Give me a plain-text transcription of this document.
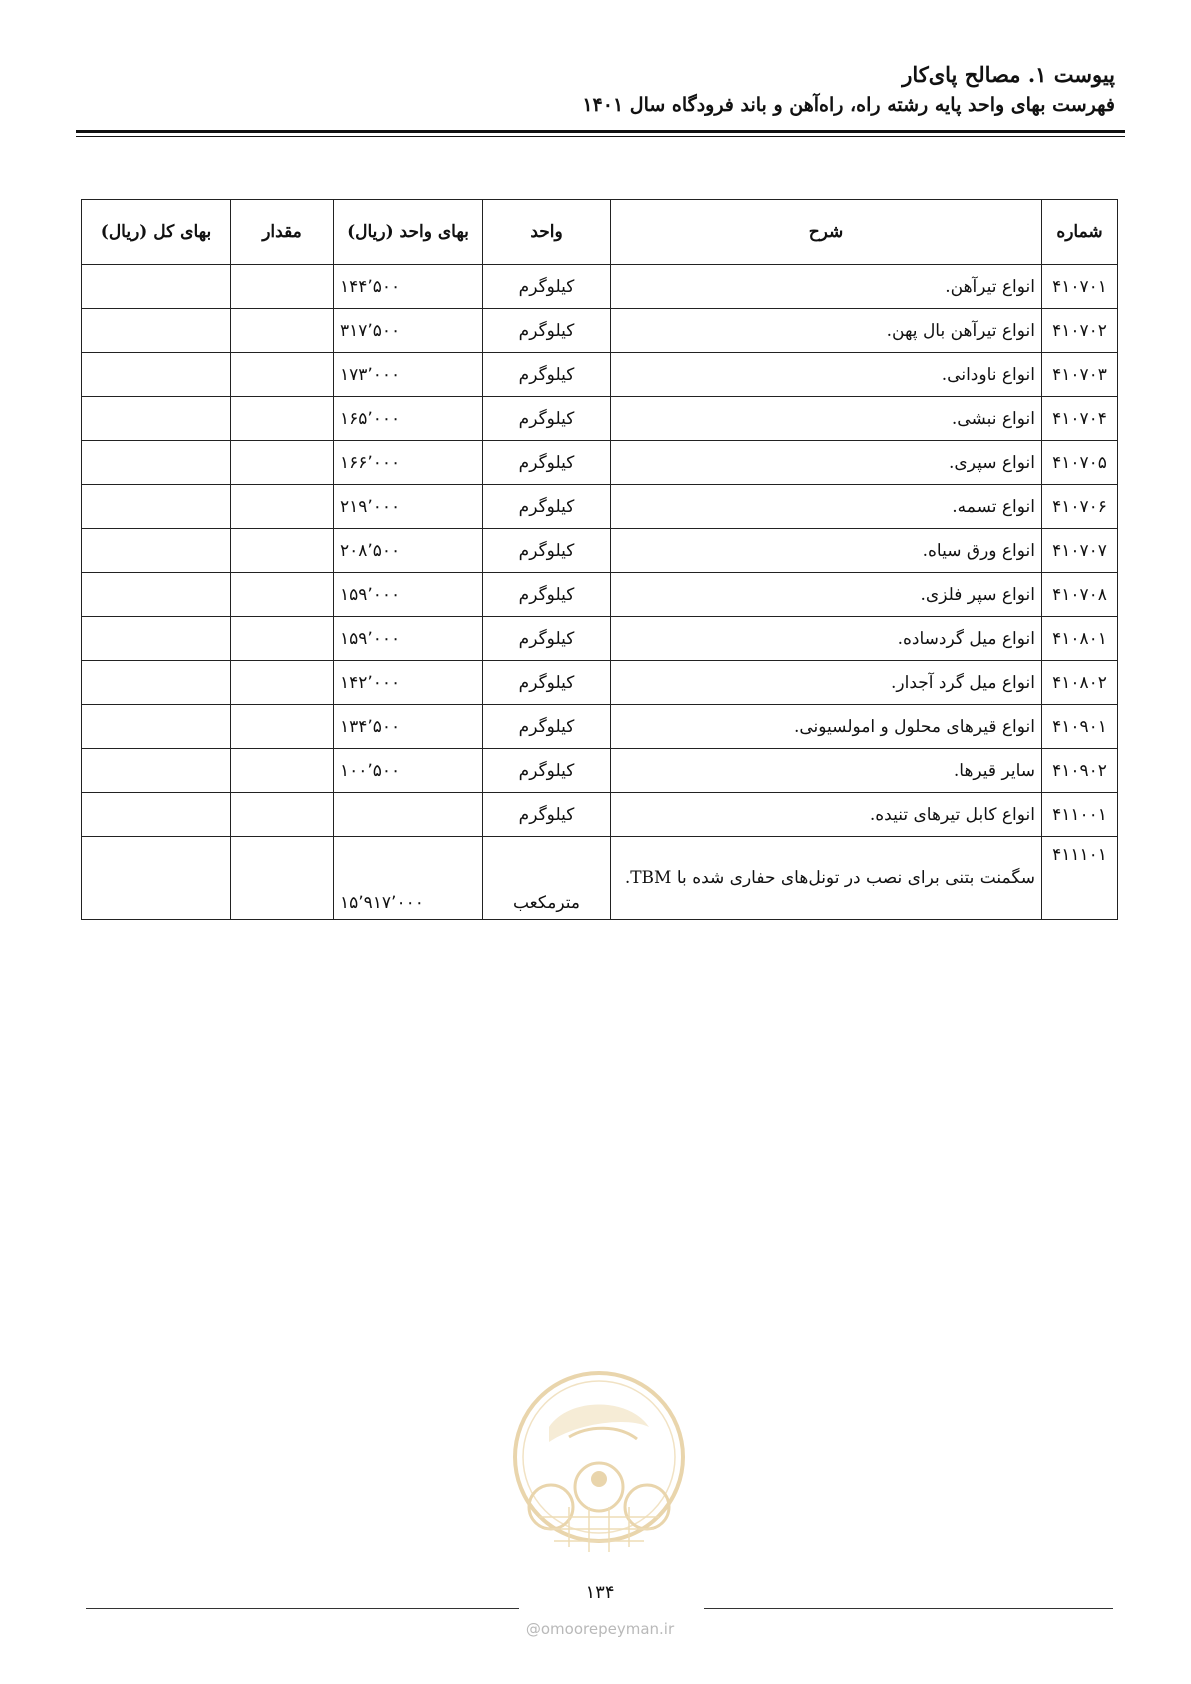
پیوست ۱. مصالح پای‌کار
فهرست بهای واحد پایه رشته راه، راه‌آهن و باند فرودگاه سال ۱۴۰۱
شماره	شرح	واحد	بهای واحد (ریال)	مقدار	بهای کل (ریال)
۴۱۰۷۰۱	انواع تیرآهن.	کیلوگرم	۱۴۴٬۵۰۰		
۴۱۰۷۰۲	انواع تیرآهن بال پهن.	کیلوگرم	۳۱۷٬۵۰۰		
۴۱۰۷۰۳	انواع ناودانی.	کیلوگرم	۱۷۳٬۰۰۰		
۴۱۰۷۰۴	انواع نبشی.	کیلوگرم	۱۶۵٬۰۰۰		
۴۱۰۷۰۵	انواع سپری.	کیلوگرم	۱۶۶٬۰۰۰		
۴۱۰۷۰۶	انواع تسمه.	کیلوگرم	۲۱۹٬۰۰۰		
۴۱۰۷۰۷	انواع ورق سیاه.	کیلوگرم	۲۰۸٬۵۰۰		
۴۱۰۷۰۸	انواع سپر فلزی.	کیلوگرم	۱۵۹٬۰۰۰		
۴۱۰۸۰۱	انواع میل گردساده.	کیلوگرم	۱۵۹٬۰۰۰		
۴۱۰۸۰۲	انواع میل گرد آجدار.	کیلوگرم	۱۴۲٬۰۰۰		
۴۱۰۹۰۱	انواع قیرهای محلول و امولسیونی.	کیلوگرم	۱۳۴٬۵۰۰		
۴۱۰۹۰۲	سایر قیرها.	کیلوگرم	۱۰۰٬۵۰۰		
۴۱۱۰۰۱	انواع کابل تیرهای تنیده.	کیلوگرم			
۴۱۱۱۰۱	سگمنت بتنی برای نصب در تونل‌های حفاری شده با TBM.	مترمکعب	۱۵٬۹۱۷٬۰۰۰		
۱۳۴
@omoorepeyman.ir
